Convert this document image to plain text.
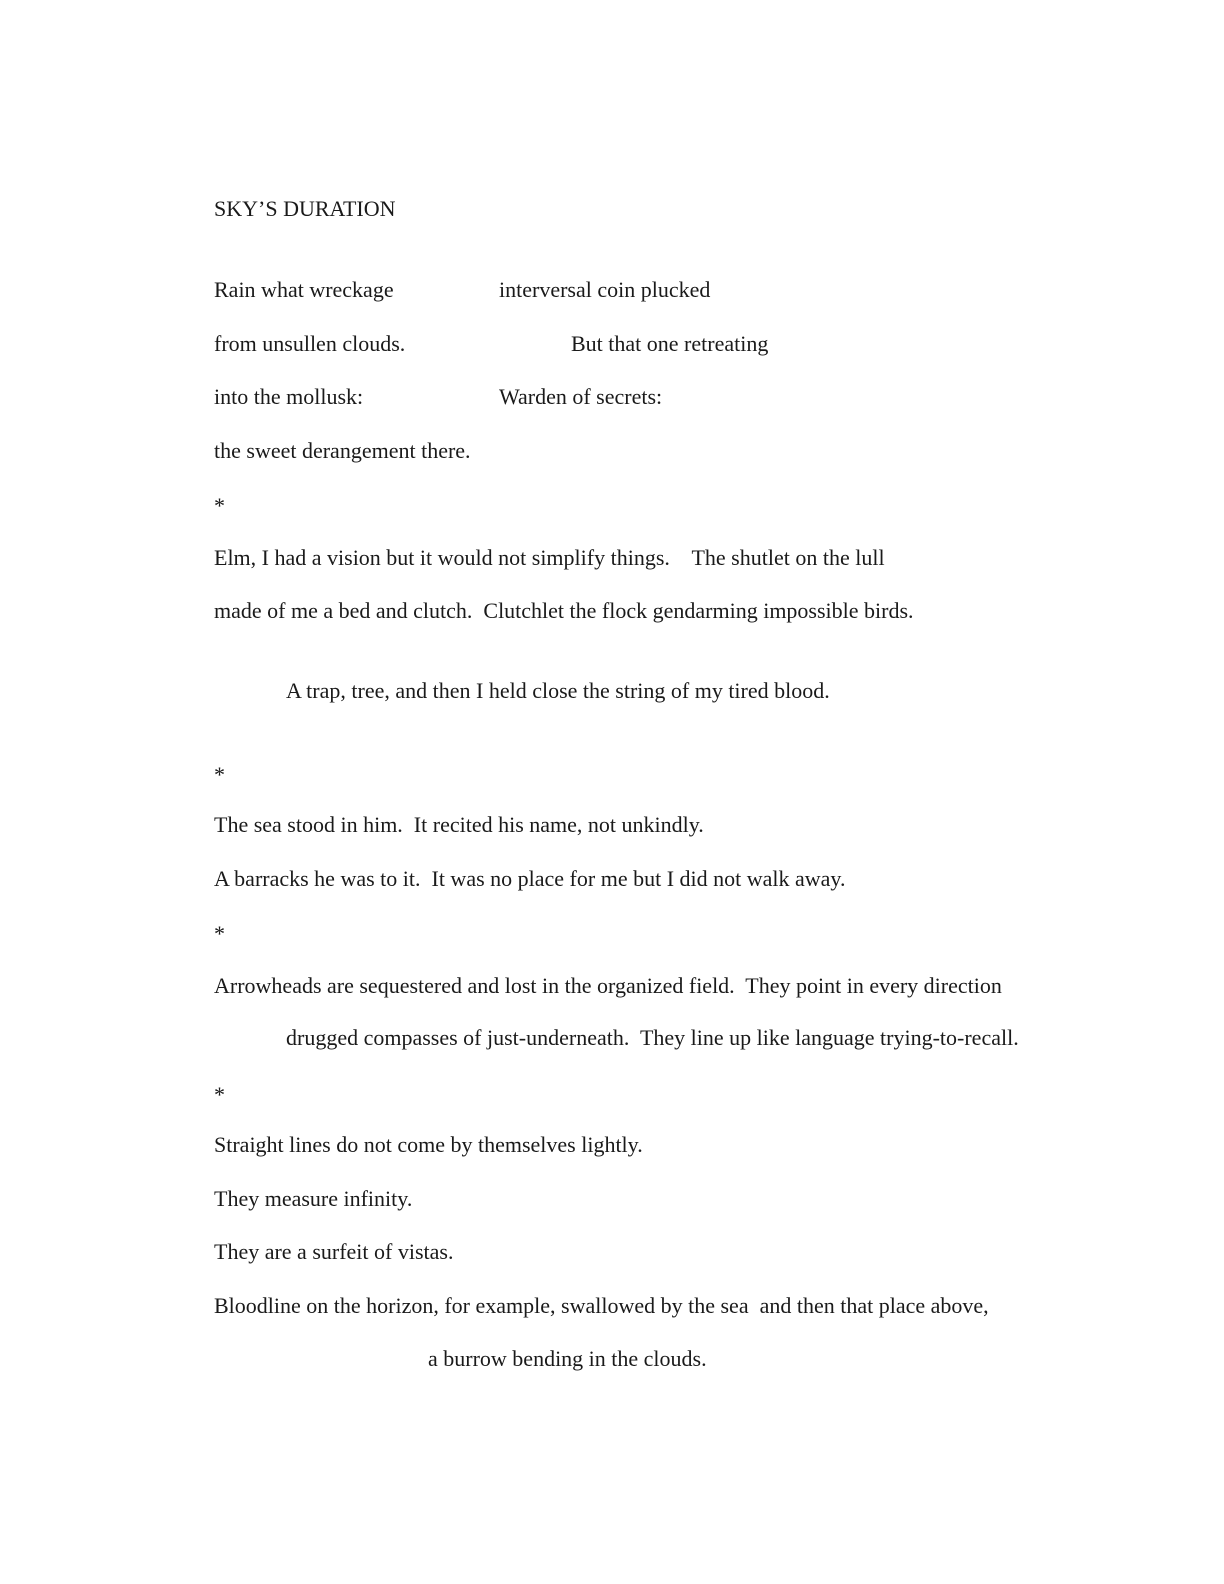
SKY’S DURATION

Rain what wreckage	interversal coin plucked

from unsullen clouds.	But that one retreating

into the mollusk:	Warden of secrets:

the sweet derangement there.

*

Elm, I had a vision but it would not simplify things.    The shutlet on the lull

made of me a bed and clutch.  Clutchlet the flock gendarming impossible birds.

A trap, tree, and then I held close the string of my tired blood.

*

The sea stood in him.  It recited his name, not unkindly.

A barracks he was to it.  It was no place for me but I did not walk away.

*

Arrowheads are sequestered and lost in the organized field.  They point in every direction

drugged compasses of just-underneath.  They line up like language trying-to-recall.

*

Straight lines do not come by themselves lightly.

They measure infinity.

They are a surfeit of vistas.

Bloodline on the horizon, for example, swallowed by the sea  and then that place above,

a burrow bending in the clouds.
